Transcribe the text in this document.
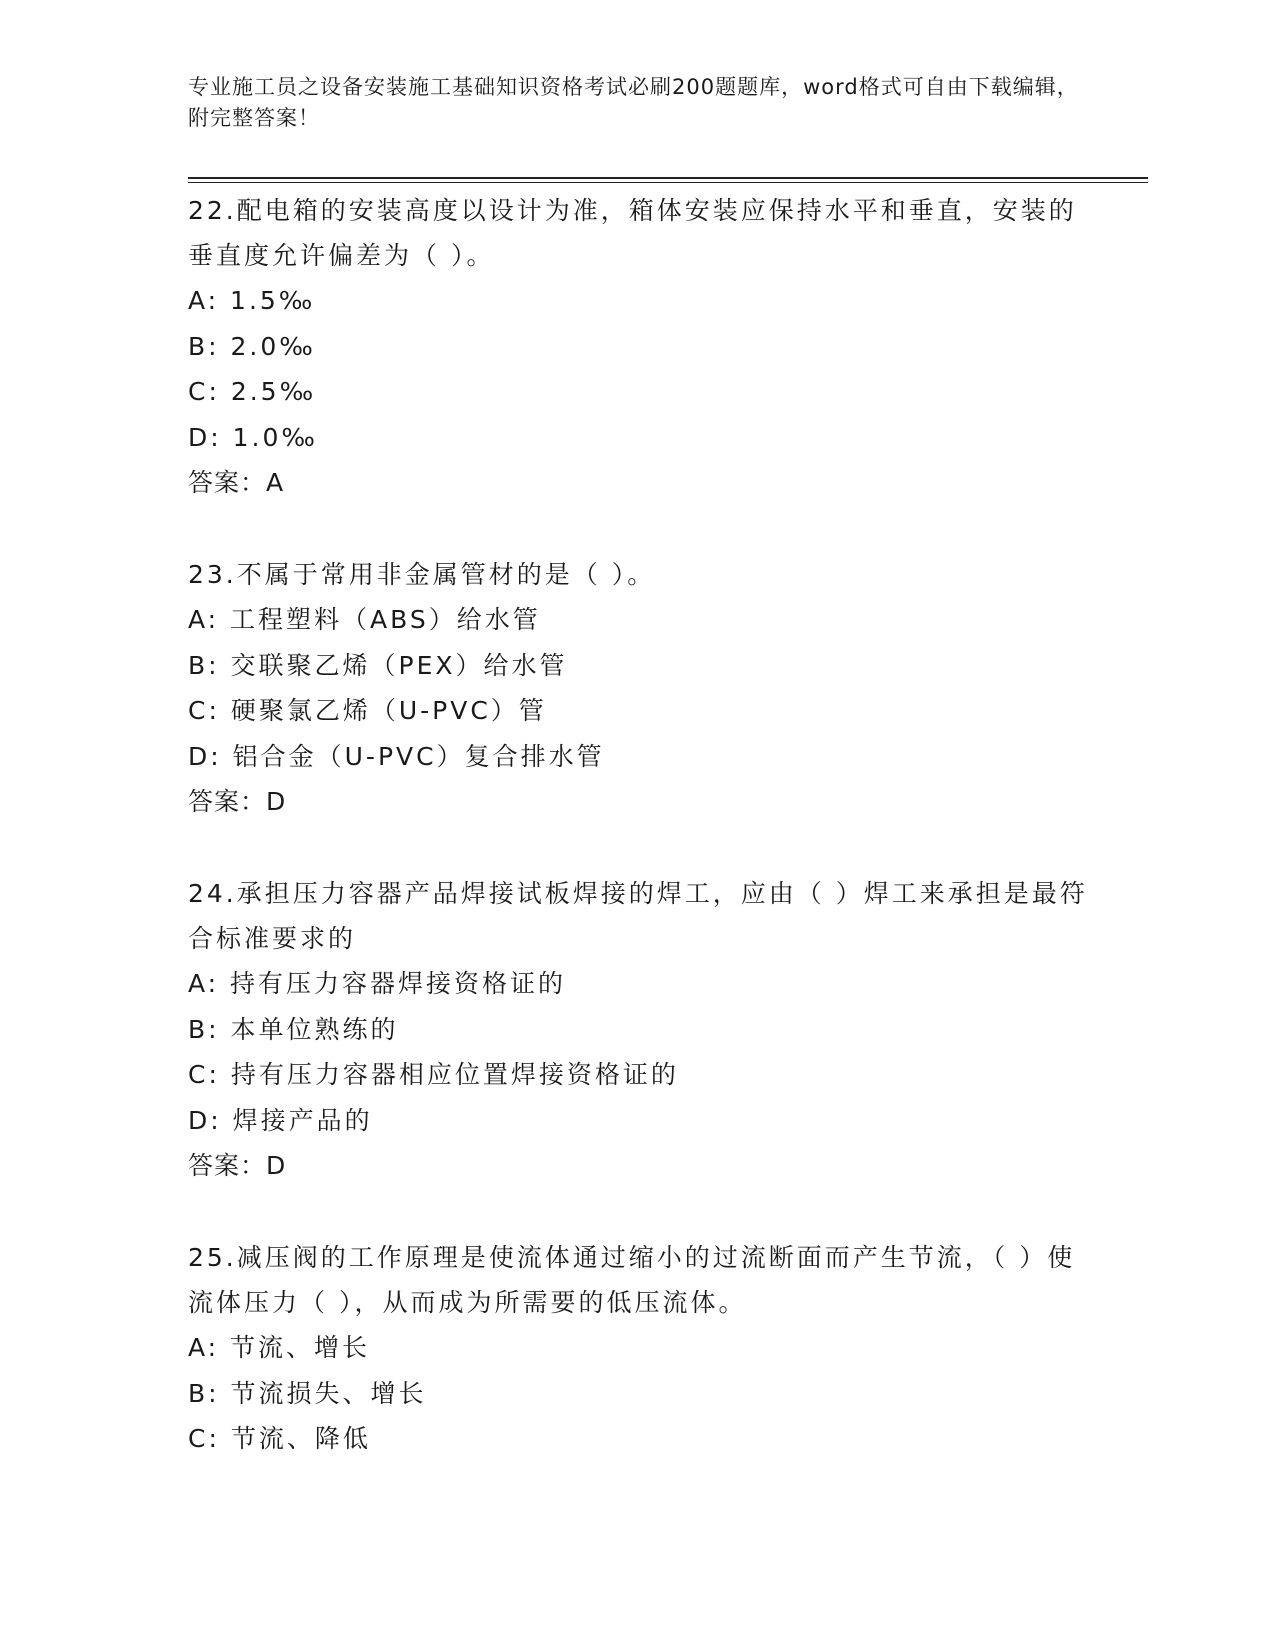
专业施工员之设备安装施工基础知识资格考试必刷200题题库，word格式可自由下载编辑，附完整答案！
22.配电箱的安装高度以设计为准，箱体安装应保持水平和垂直，安装的垂直度允许偏差为（ ）。
A: 1.5‰
B: 2.0‰
C: 2.5‰
D: 1.0‰
答案：A
23.不属于常用非金属管材的是（ ）。
A: 工程塑料（ABS）给水管
B: 交联聚乙烯（PEX）给水管
C: 硬聚氯乙烯（U-PVC）管
D: 铝合金（U-PVC）复合排水管
答案：D
24.承担压力容器产品焊接试板焊接的焊工，应由（ ）焊工来承担是最符合标准要求的
A: 持有压力容器焊接资格证的
B: 本单位熟练的
C: 持有压力容器相应位置焊接资格证的
D: 焊接产品的
答案：D
25.减压阀的工作原理是使流体通过缩小的过流断面而产生节流，（ ）使流体压力（ ），从而成为所需要的低压流体。
A: 节流、增长
B: 节流损失、增长
C: 节流、降低
